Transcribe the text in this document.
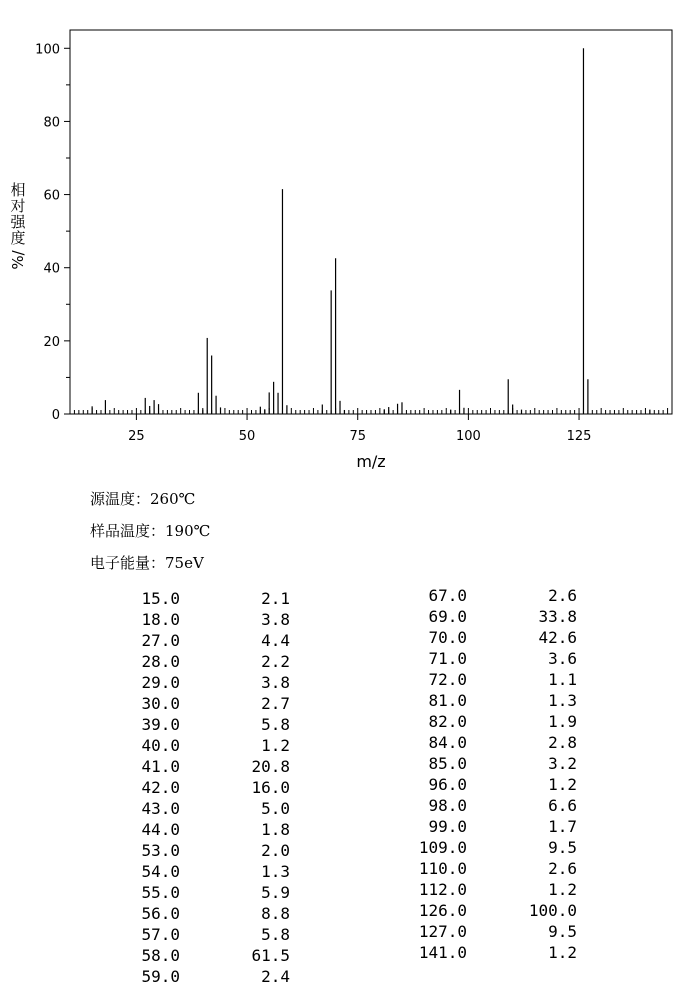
25	50	75	100	125
0
20
40
60
80
100
m/z
相
对
强
度
%/
源温度：260℃
样品温度：190℃
电子能量：75eV
15.0	2.1
18.0	3.8
27.0	4.4
28.0	2.2
29.0	3.8
30.0	2.7
39.0	5.8
40.0	1.2
41.0	20.8
42.0	16.0
43.0	5.0
44.0	1.8
53.0	2.0
54.0	1.3
55.0	5.9
56.0	8.8
57.0	5.8
58.0	61.5
59.0	2.4
67.0	2.6
69.0	33.8
70.0	42.6
71.0	3.6
72.0	1.1
81.0	1.3
82.0	1.9
84.0	2.8
85.0	3.2
96.0	1.2
98.0	6.6
99.0	1.7
109.0	9.5
110.0	2.6
112.0	1.2
126.0	100.0
127.0	9.5
141.0	1.2
